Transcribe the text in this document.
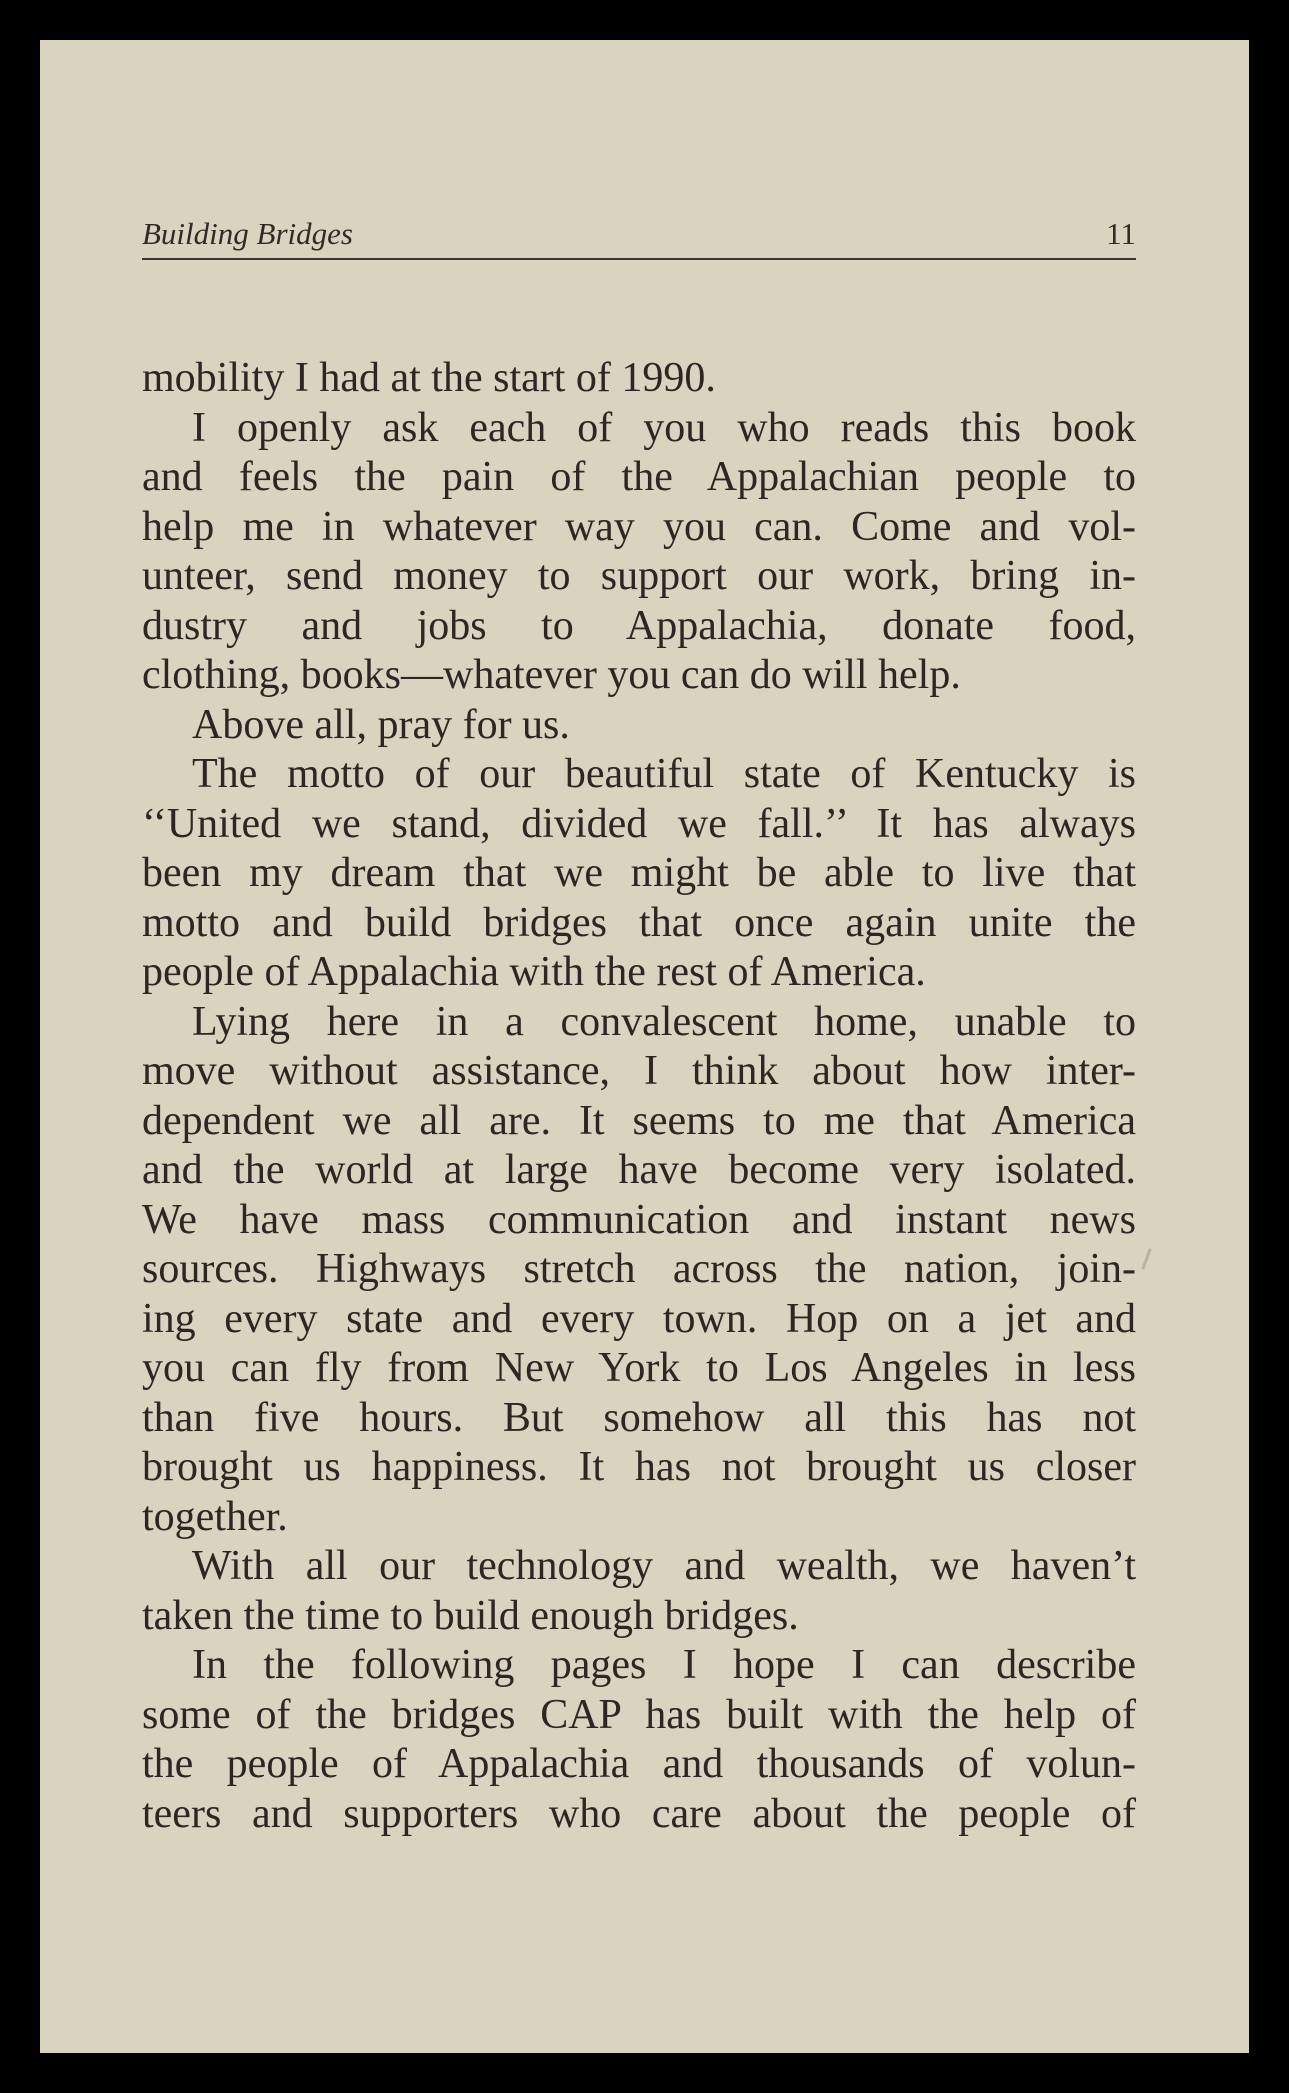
Building Bridges	11
mobility I had at the start of 1990.
I openly ask each of you who reads this book
and feels the pain of the Appalachian people to
help me in whatever way you can. Come and vol-
unteer, send money to support our work, bring in-
dustry and jobs to Appalachia, donate food,
clothing, books—whatever you can do will help.
Above all, pray for us.
The motto of our beautiful state of Kentucky is
‘‘United we stand, divided we fall.’’ It has always
been my dream that we might be able to live that
motto and build bridges that once again unite the
people of Appalachia with the rest of America.
Lying here in a convalescent home, unable to
move without assistance, I think about how inter-
dependent we all are. It seems to me that America
and the world at large have become very isolated.
We have mass communication and instant news
sources. Highways stretch across the nation, join-
ing every state and every town. Hop on a jet and
you can fly from New York to Los Angeles in less
than five hours. But somehow all this has not
brought us happiness. It has not brought us closer
together.
With all our technology and wealth, we haven’t
taken the time to build enough bridges.
In the following pages I hope I can describe
some of the bridges CAP has built with the help of
the people of Appalachia and thousands of volun-
teers and supporters who care about the people of
